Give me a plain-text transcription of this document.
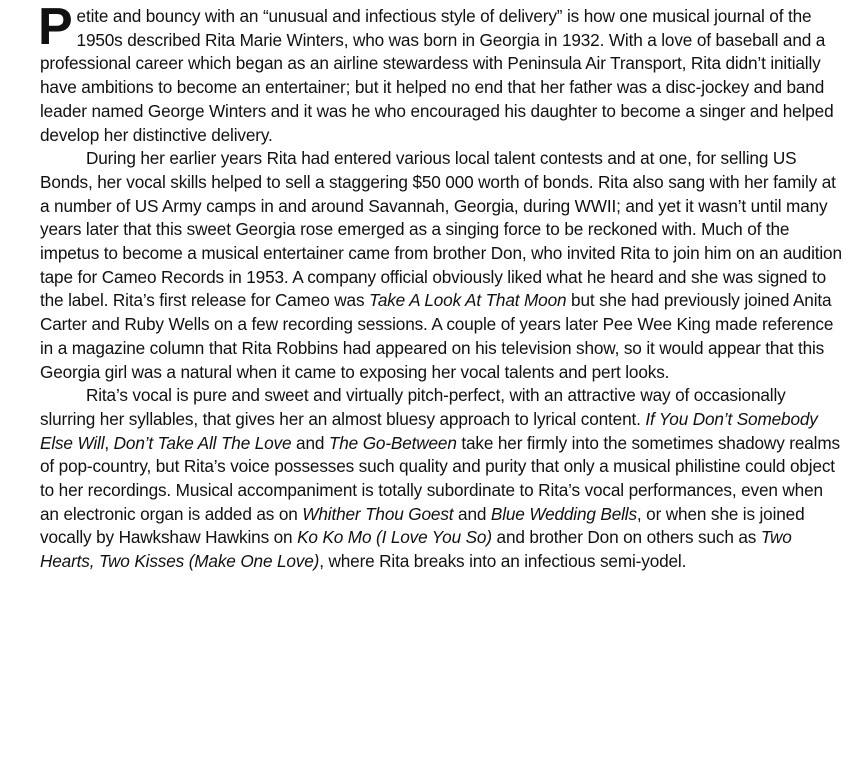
Petite and bouncy with an “unusual and infectious style of delivery” is how one musical journal of the 1950s described Rita Marie Winters, who was born in Georgia in 1932. With a love of baseball and a professional career which began as an airline stewardess with Peninsula Air Transport, Rita didn’t initially have ambitions to become an entertainer; but it helped no end that her father was a disc-jockey and band leader named George Winters and it was he who encouraged his daughter to become a singer and helped develop her distinctive delivery.

During her earlier years Rita had entered various local talent contests and at one, for selling US Bonds, her vocal skills helped to sell a staggering $50 000 worth of bonds. Rita also sang with her family at a number of US Army camps in and around Savannah, Georgia, during WWII; and yet it wasn’t until many years later that this sweet Georgia rose emerged as a singing force to be reckoned with. Much of the impetus to become a musical entertainer came from brother Don, who invited Rita to join him on an audition tape for Cameo Records in 1953. A company official obviously liked what he heard and she was signed to the label. Rita’s first release for Cameo was Take A Look At That Moon but she had previously joined Anita Carter and Ruby Wells on a few recording sessions. A couple of years later Pee Wee King made reference in a magazine column that Rita Robbins had appeared on his television show, so it would appear that this Georgia girl was a natural when it came to exposing her vocal talents and pert looks.

Rita’s vocal is pure and sweet and virtually pitch-perfect, with an attractive way of occasionally slurring her syllables, that gives her an almost bluesy approach to lyrical content. If You Don’t Somebody Else Will, Don’t Take All The Love and The Go-Between take her firmly into the sometimes shadowy realms of pop-country, but Rita’s voice possesses such quality and purity that only a musical philistine could object to her recordings. Musical accompaniment is totally subordinate to Rita’s vocal performances, even when an electronic organ is added as on Whither Thou Goest and Blue Wedding Bells, or when she is joined vocally by Hawkshaw Hawkins on Ko Ko Mo (I Love You So) and brother Don on others such as Two Hearts, Two Kisses (Make One Love), where Rita breaks into an infectious semi-yodel.
